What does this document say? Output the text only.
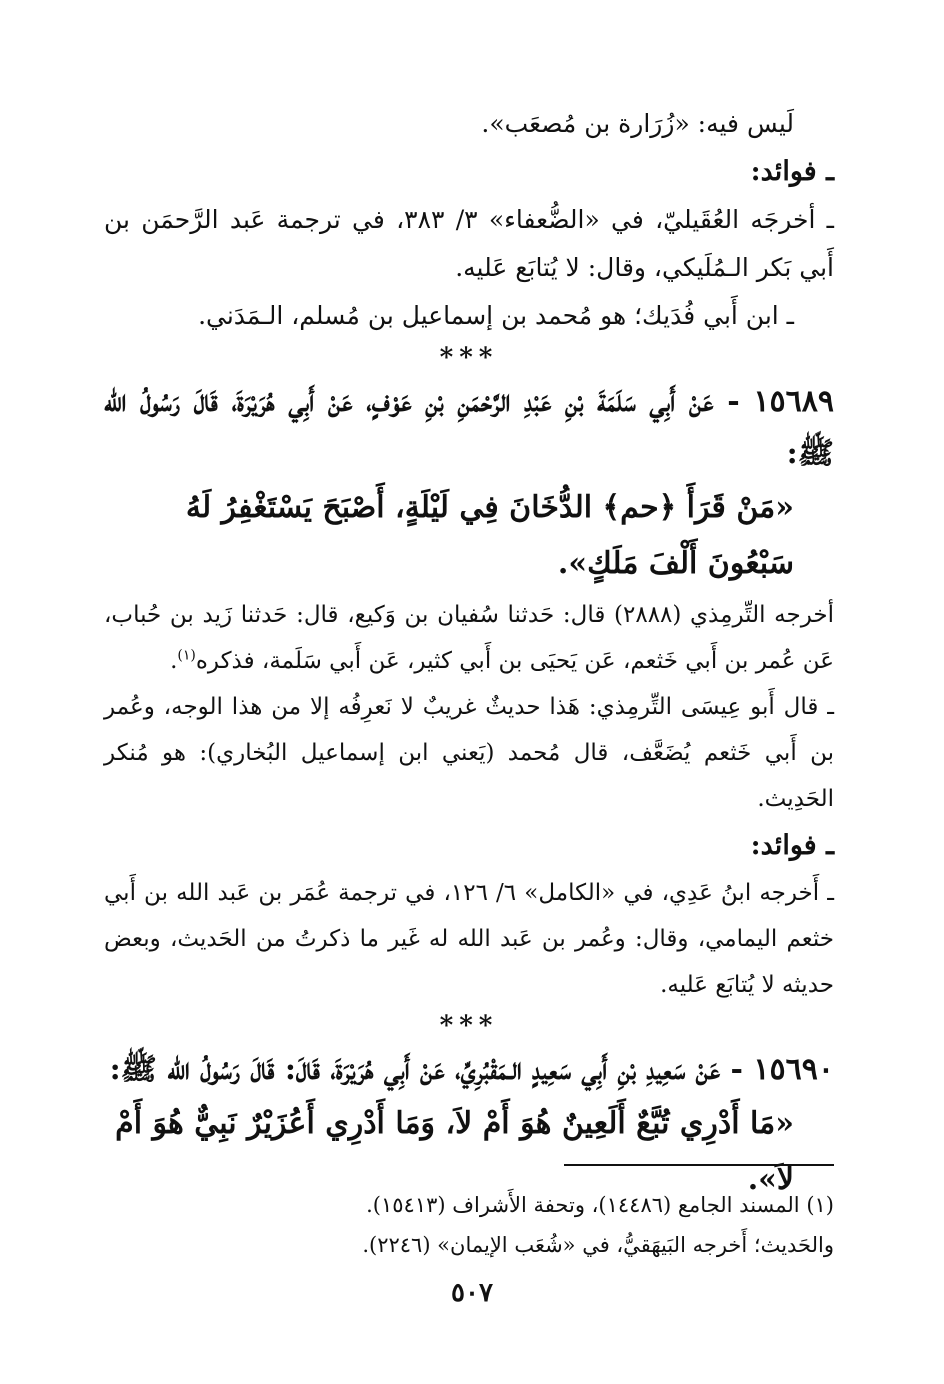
لَيس فيه: «زُرَارة بن مُصعَب».

ـ فوائد:

ـ أخرجَه العُقَيليّ، في «الضُّعفاء» ٣/ ٣٨٣، في ترجمة عَبد الرَّحمَن بن أَبي بَكر الـمُلَيكي، وقال: لا يُتابَع عَليه.

ـ ابن أَبي فُدَيك؛ هو مُحمد بن إسماعيل بن مُسلم، الـمَدَني.

***

١٥٦٨٩ - عَنْ أَبِي سَلَمَةَ بْنِ عَبْدِ الرَّحْمَنِ بْنِ عَوْفٍ، عَنْ أَبِي هُرَيْرَةَ، قَالَ رَسُولُ الله ﷺ:

«مَنْ قَرَأَ ﴿حم﴾ الدُّخَانَ فِي لَيْلَةٍ، أَصْبَحَ يَسْتَغْفِرُ لَهُ سَبْعُونَ أَلْفَ مَلَكٍ».

أخرجه التِّرمِذي (٢٨٨٨) قال: حَدثنا سُفيان بن وَكيع، قال: حَدثنا زَيد بن حُباب، عَن عُمر بن أَبي خَثعم، عَن يَحيَى بن أَبي كثير، عَن أَبي سَلَمة، فذكره$^{(١)}$.

ـ قال أَبو عِيسَى التِّرمِذي: هَذا حديثٌ غريبٌ لا نَعرِفُه إلا من هذا الوجه، وعُمر بن أَبي خَثعم يُضَعَّف، قال مُحمد (يَعني ابن إسماعيل البُخاري): هو مُنكر الحَدِيث.

ـ فوائد:

ـ أَخرجه ابنُ عَدِي، في «الكامل» ٦/ ١٢٦، في ترجمة عُمَر بن عَبد الله بن أَبي خثعم اليمامي، وقال: وعُمر بن عَبد الله له غَير ما ذكرتُ من الحَديث، وبعض حديثه لا يُتابَع عَليه.

***

١٥٦٩٠ - عَنْ سَعِيدِ بْنِ أَبِي سَعِيدٍ الـمَقْبُرِيِّ، عَنْ أَبِي هُرَيْرَةَ، قَالَ: قَالَ رَسُولُ الله ﷺ:

«مَا أَدْرِي تُبَّعٌ أَلَعِينٌ هُوَ أَمْ لاَ، وَمَا أَدْرِي أَعُزَيْرٌ نَبِيٌّ هُوَ أَمْ لاَ».

(١) المسند الجامع (١٤٤٨٦)، وتحفة الأَشراف (١٥٤١٣).

والحَديث؛ أَخرجه البَيهَقيُّ، في «شُعَب الإيمان» (٢٢٤٦).

٥٠٧
